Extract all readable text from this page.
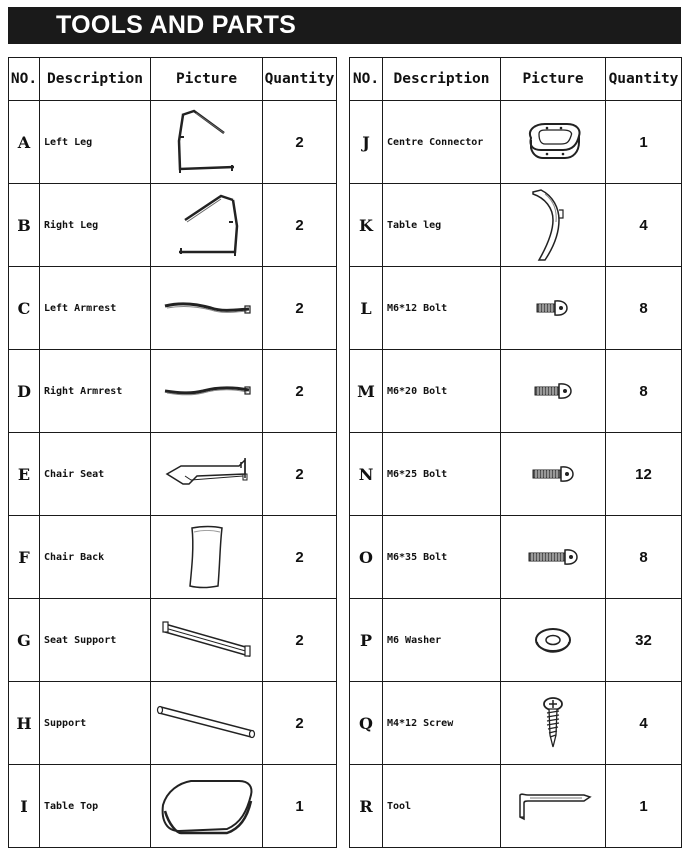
TOOLS AND PARTS
NO.	Description	Picture	Quantity
A	Left Leg		2
B	Right Leg		2
C	Left Armrest		2
D	Right Armrest		2
E	Chair Seat		2
F	Chair Back		2
G	Seat Support		2
H	Support		2
I	Table Top		1
NO.	Description	Picture	Quantity
J	Centre Connector		1
K	Table leg		4
L	M6*12 Bolt		8
M	M6*20 Bolt		8
N	M6*25 Bolt		12
O	M6*35 Bolt		8
P	M6 Washer		32
Q	M4*12 Screw		4
R	Tool		1
